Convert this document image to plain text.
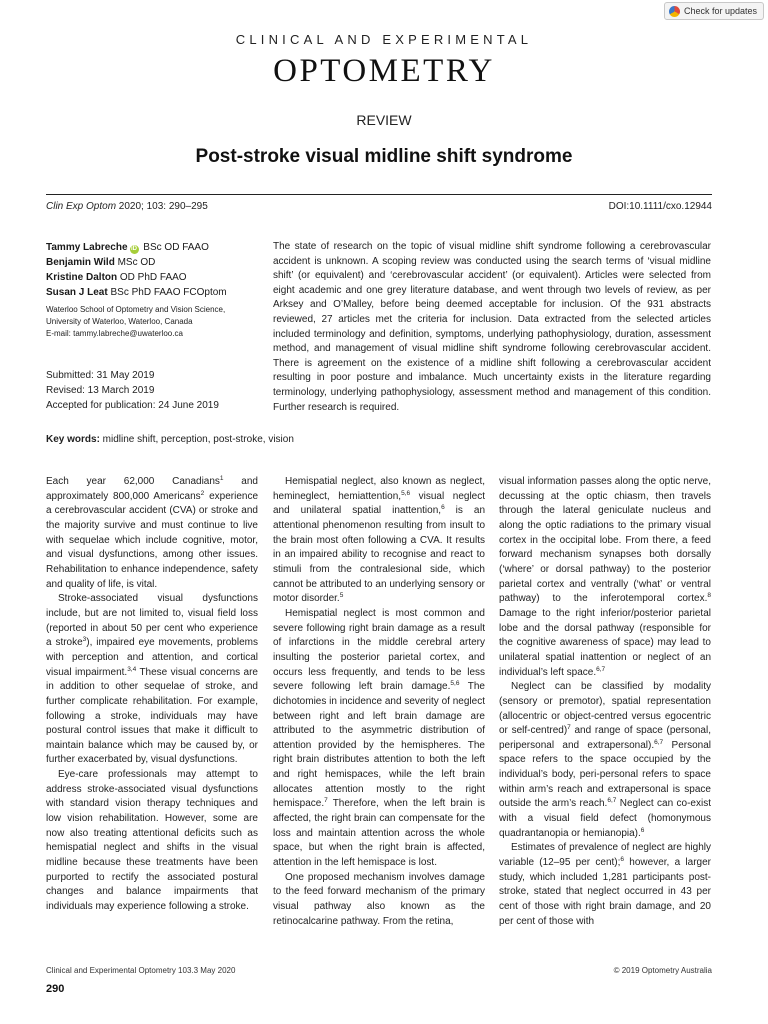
Check for updates
CLINICAL AND EXPERIMENTAL
OPTOMETRY
REVIEW
Post-stroke visual midline shift syndrome
Clin Exp Optom 2020; 103: 290–295	DOI:10.1111/cxo.12944
Tammy Labreche iD BSc OD FAAO
Benjamin Wild MSc OD
Kristine Dalton OD PhD FAAO
Susan J Leat BSc PhD FAAO FCOptom
Waterloo School of Optometry and Vision Science,
University of Waterloo, Waterloo, Canada
E-mail: tammy.labreche@uwaterloo.ca
Submitted: 31 May 2019
Revised: 13 March 2019
Accepted for publication: 24 June 2019
The state of research on the topic of visual midline shift syndrome following a cerebrovascular accident is unknown. A scoping review was conducted using the search terms of ‘visual midline shift’ (or equivalent) and ‘cerebrovascular accident’ (or equivalent). Articles were selected from eight academic and one grey literature database, and went through two levels of review, as per Arksey and O’Malley, before being deemed acceptable for inclusion. Of the 931 abstracts reviewed, 27 articles met the criteria for inclusion. Data extracted from the selected articles included terminology and definition, symptoms, underlying pathophysiology, duration, assessment method, and management of visual midline shift syndrome following cerebrovascular accident. There is agreement on the existence of a midline shift following a cerebrovascular accident resulting in poor posture and imbalance. Much uncertainty exists in the literature regarding terminology, underlying pathophysiology, assessment method and management of this condition. Further research is required.
Key words: midline shift, perception, post-stroke, vision

Each year 62,000 Canadians$^1$ and approximately 800,000 Americans$^2$ experience a cerebrovascular accident (CVA) or stroke and the majority survive and must continue to live with sequelae which include cognitive, motor, and visual dysfunctions, among other issues. Rehabilitation to enhance independence, safety and quality of life, is vital.

Stroke-associated visual dysfunctions include, but are not limited to, visual field loss (reported in about 50 per cent who experience a stroke$^3$), impaired eye movements, problems with perception and attention, and cortical visual impairment.$^{3,4}$ These visual concerns are in addition to other sequelae of stroke, and further complicate rehabilitation. For example, following a stroke, individuals may have postural control issues that make it difficult to maintain balance which may be caused by, or further exacerbated by, visual dysfunctions.

Eye-care professionals may attempt to address stroke-associated visual dysfunctions with standard vision therapy techniques and low vision rehabilitation. However, some are now also treating attentional deficits such as hemispatial neglect and shifts in the visual midline because these treatments have been purported to rectify the associated postural changes and balance impairments that individuals may experience following a stroke.

Hemispatial neglect, also known as neglect, hemineglect, hemiattention,$^{5,6}$ visual neglect and unilateral spatial inattention,$^6$ is an attentional phenomenon resulting from insult to the brain most often following a CVA. It results in an impaired ability to recognise and react to stimuli from the contralesional side, which cannot be attributed to an underlying sensory or motor disorder.$^5$

Hemispatial neglect is most common and severe following right brain damage as a result of infarctions in the middle cerebral artery insulting the posterior parietal cortex, and occurs less frequently, and tends to be less severe following left brain damage.$^{5,6}$ The dichotomies in incidence and severity of neglect between right and left brain damage are attributed to the asymmetric distribution of attention provided by the hemispheres. The right brain distributes attention to both the left and right hemispaces, while the left brain allocates attention mostly to the right hemispace.$^7$ Therefore, when the left brain is affected, the right brain can compensate for the loss and maintain attention across the whole space, but when the right brain is affected, attention in the left hemispace is lost.

One proposed mechanism involves damage to the feed forward mechanism of the primary visual pathway also known as the retinocalcarine pathway. From the retina,

visual information passes along the optic nerve, decussing at the optic chiasm, then travels through the lateral geniculate nucleus and along the optic radiations to the primary visual cortex in the occipital lobe. From there, a feed forward mechanism synapses both dorsally (‘where’ or dorsal pathway) to the posterior parietal cortex and ventrally (‘what’ or ventral pathway) to the inferotemporal cortex.$^8$ Damage to the right inferior/posterior parietal lobe and the dorsal pathway (responsible for the cognitive awareness of space) may lead to unilateral spatial inattention or neglect of an individual’s left space.$^{6,7}$

Neglect can be classified by modality (sensory or premotor), spatial representation (allocentric or object-centred versus egocentric or self-centred)$^7$ and range of space (personal, peripersonal and extrapersonal).$^{6,7}$ Personal space refers to the space occupied by the individual’s body, peri-personal refers to space within arm’s reach and extrapersonal is space outside the arm’s reach.$^{6,7}$ Neglect can co-exist with a visual field defect (homonymous quadrantanopia or hemianopia).$^6$

Estimates of prevalence of neglect are highly variable (12–95 per cent);$^6$ however, a larger study, which included 1,281 participants post-stroke, stated that neglect occurred in 43 per cent of those with right brain damage, and 20 per cent of those with

Clinical and Experimental Optometry 103.3 May 2020	© 2019 Optometry Australia
290
